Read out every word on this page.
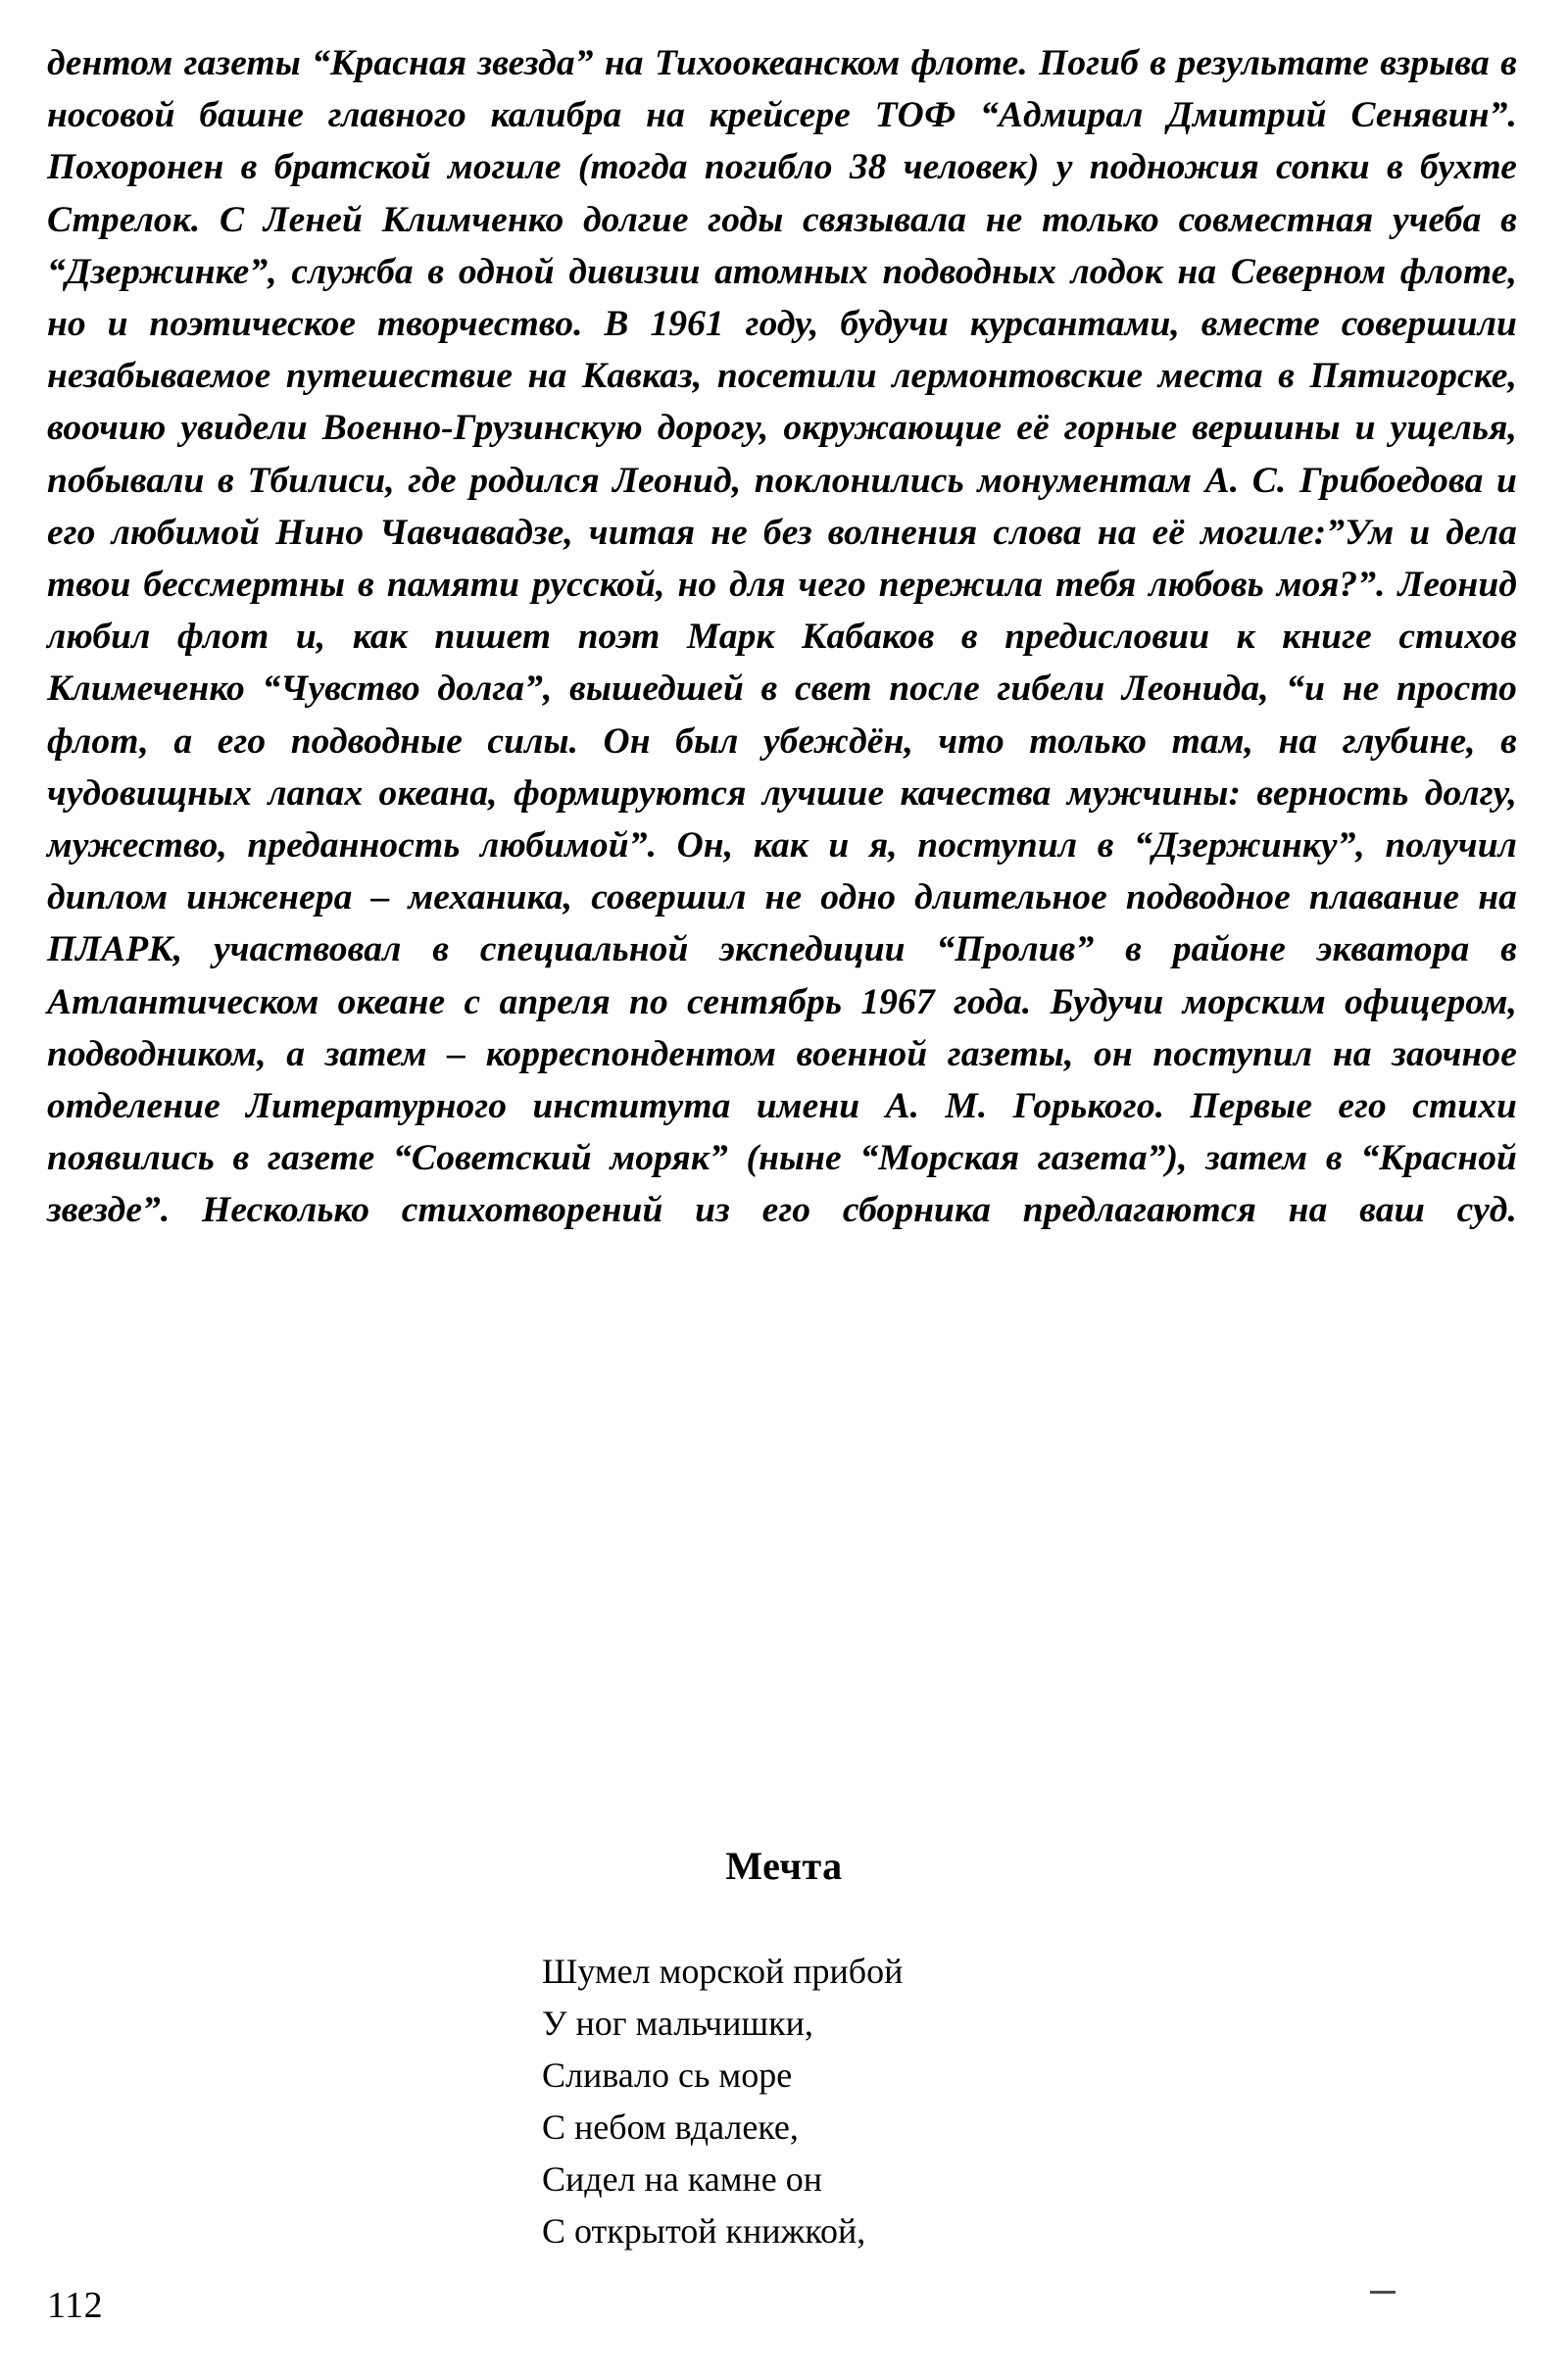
дентом газеты “Красная звезда” на Тихоокеанском флоте. Погиб в результате взрыва в носовой башне главного калибра на крейсере ТОФ “Адмирал Дмитрий Сенявин”. Похоронен в братской могиле (тогда погибло 38 человек) у подножия сопки в бухте Стрелок. С Леней Климченко долгие годы связывала не только совместная учеба в “Дзержинке”, служба в одной дивизии атомных подводных лодок на Северном флоте, но и поэтическое творчество. В 1961 году, будучи курсантами, вместе совершили незабываемое путешествие на Кавказ, посетили лермонтовские места в Пятигорске, воочию увидели Военно-Грузинскую дорогу, окружающие её горные вершины и ущелья, побывали в Тбилиси, где родился Леонид, поклонились монументам А. С. Грибоедова и его любимой Нино Чавчавадзе, читая не без волнения слова на её могиле:”Ум и дела твои бессмертны в памяти русской, но для чего пережила тебя любовь моя?”. Леонид любил флот и, как пишет поэт Марк Кабаков в предисловии к книге стихов Климеченко “Чувство долга”, вышедшей в свет после гибели Леонида, “и не просто флот, а его подводные силы. Он был убеждён, что только там, на глубине, в чудовищных лапах океана, формируются лучшие качества мужчины: верность долгу, мужество, преданность любимой”. Он, как и я, поступил в “Дзержинку”, получил диплом инженера – механика, совершил не одно длительное подводное плавание на ПЛАРК, участвовал в специальной экспедиции “Пролив” в районе экватора в Атлантическом океане с апреля по сентябрь 1967 года. Будучи морским офицером, подводником, а затем – корреспондентом военной газеты, он поступил на заочное отделение Литературного института имени А. М. Горького. Первые его стихи появились в газете “Советский моряк” (ныне “Морская газета”), затем в “Красной звезде”. Несколько стихотворений из его сборника предлагаются на ваш суд.

Мечта
Шумел морской прибой
У ног мальчишки,
Сливало сь море
С небом вдалеке,
Сидел на камне он
С открытой книжкой,
112
